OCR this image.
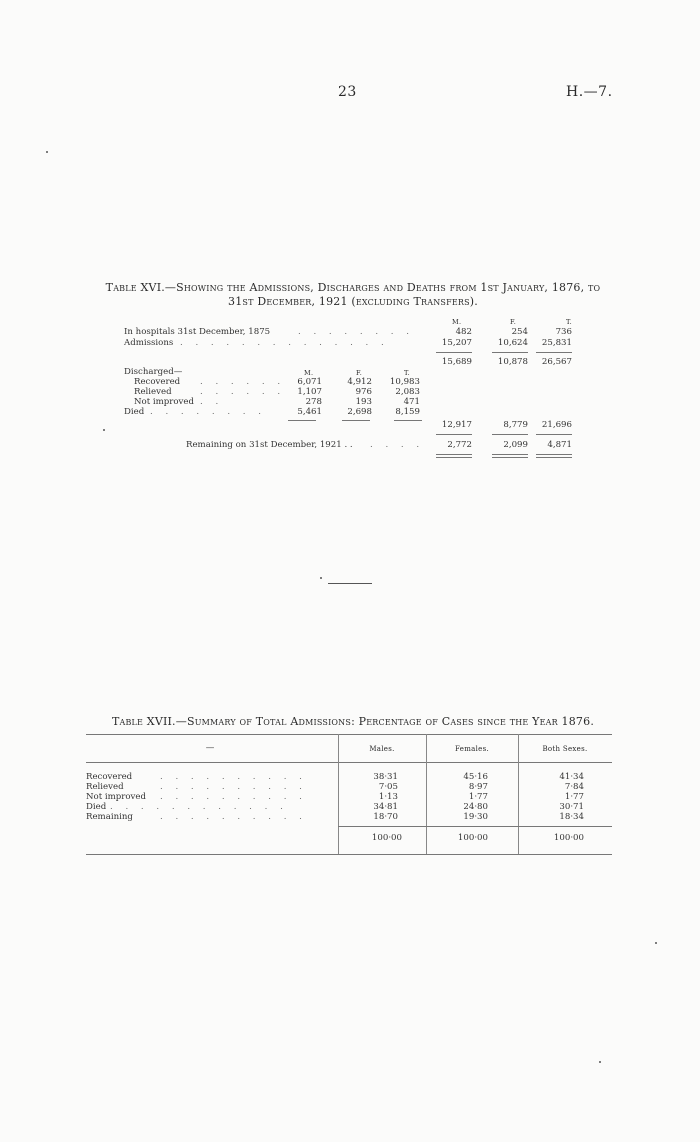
23	H.—7.
Table XVI.—Showing the Admissions, Discharges and Deaths from 1st January, 1876, to
31st December, 1921 (excluding Transfers).
M.	F.	T.
In hospitals 31st December, 1875	. . . . . . . .	482	254	736
Admissions . . . . . . . . . . . . . .	15,207	10,624	25,831
15,689	10,878	26,567
Discharged—	M.	F.	T.
Recovered . . . . . .	6,071	4,912	10,983
Relieved	. . . . . .	1,107	976	2,083
Not improved . .	278	193	471
Died . . . . . . . .	5,461	2,698	8,159
12,917	8,779	21,696
Remaining on 31st December, 1921 . . . . . .	2,772	2,099	4,871
Table XVII.—Summary of Total Admissions: Percentage of Cases since the Year 1876.
—	Males.	Females.	Both Sexes.
Recovered	. . . . . . . . . .	38·31	45·16	41·34
Relieved	. . . . . . . . . .	7·05	8·97	7·84
Not improved . . . . . . . . . .	1·13	1·77	1·77
Died . . . . . . . . . . . .	34·81	24·80	30·71
Remaining	. . . . . . . . . .	18·70	19·30	18·34
100·00	100·00	100·00
